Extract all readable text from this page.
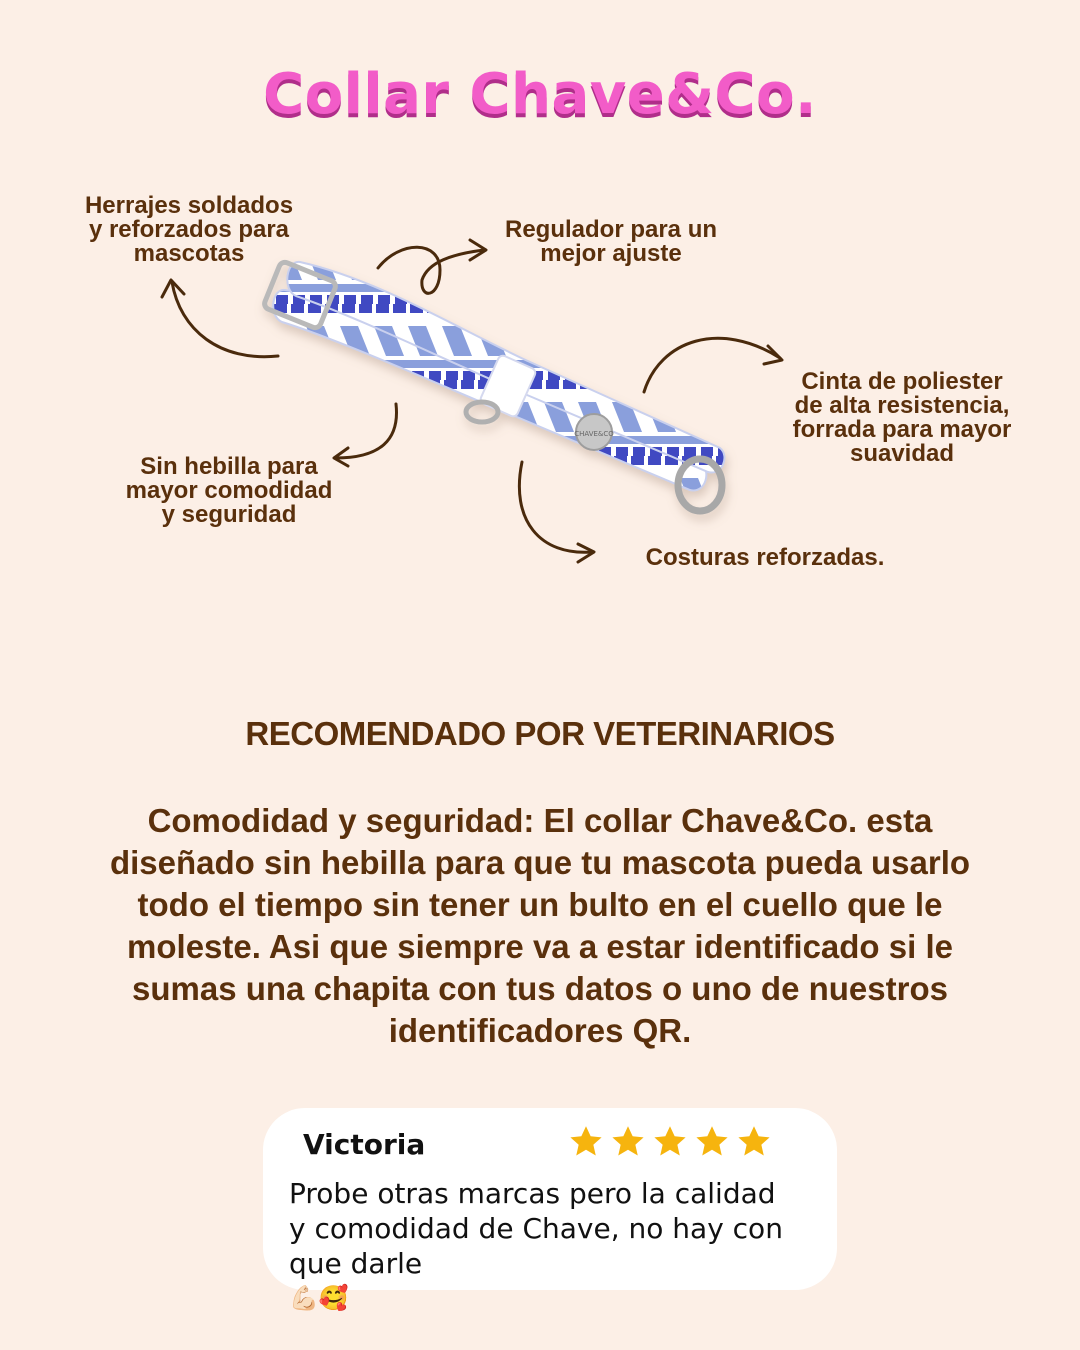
Collar Chave&Co.
CHAVE&CO
Herrajes soldados
y reforzados para
mascotas
Regulador para un
mejor ajuste
Cinta de poliester
de alta resistencia,
forrada para mayor
suavidad
Sin hebilla para
mayor comodidad
y seguridad
Costuras reforzadas.
RECOMENDADO POR VETERINARIOS
Comodidad y seguridad: El collar Chave&Co. esta
diseñado sin hebilla para que tu mascota pueda usarlo
todo el tiempo sin tener un bulto en el cuello que le
moleste. Asi que siempre va a estar identificado si le
sumas una chapita con tus datos o uno de nuestros
identificadores QR.
Victoria
Probe otras marcas pero la calidad
y comodidad de Chave, no hay con
que darle
💪🏻🥰
